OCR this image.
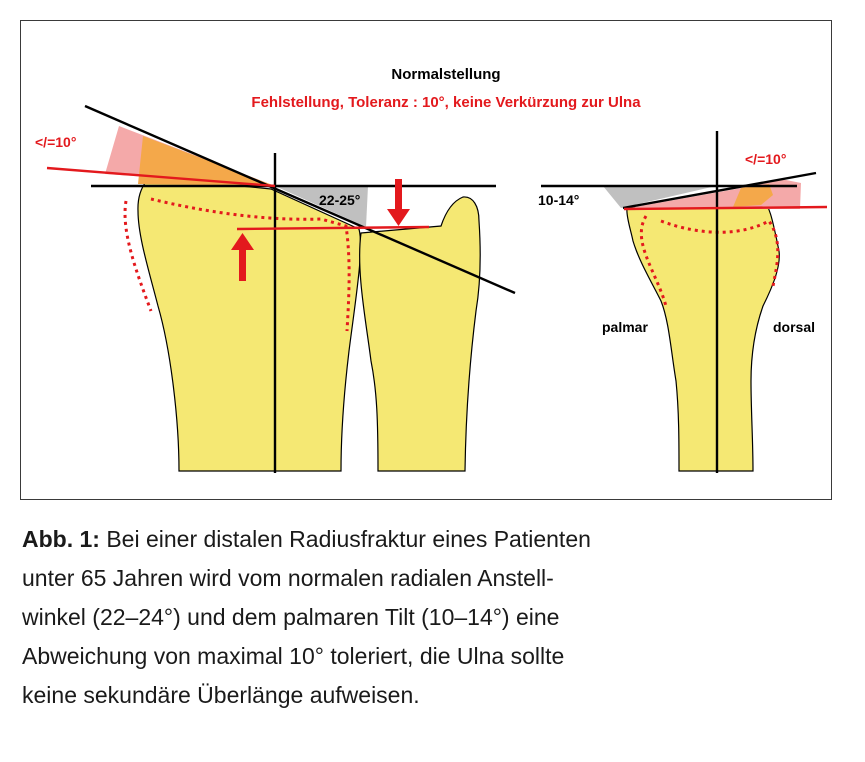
Normalstellung
Fehlstellung, Toleranz : 10°, keine Verkürzung zur Ulna
22-25°	10-14°
</=10°
</=10°
palmar	dorsal
Abb. 1: Bei einer distalen Radiusfraktur eines Patienten
unter 65 Jahren wird vom normalen radialen Anstell-
winkel (22–24°) und dem palmaren Tilt (10–14°) eine
Abweichung von maximal 10° toleriert, die Ulna sollte
keine sekundäre Überlänge aufweisen.
